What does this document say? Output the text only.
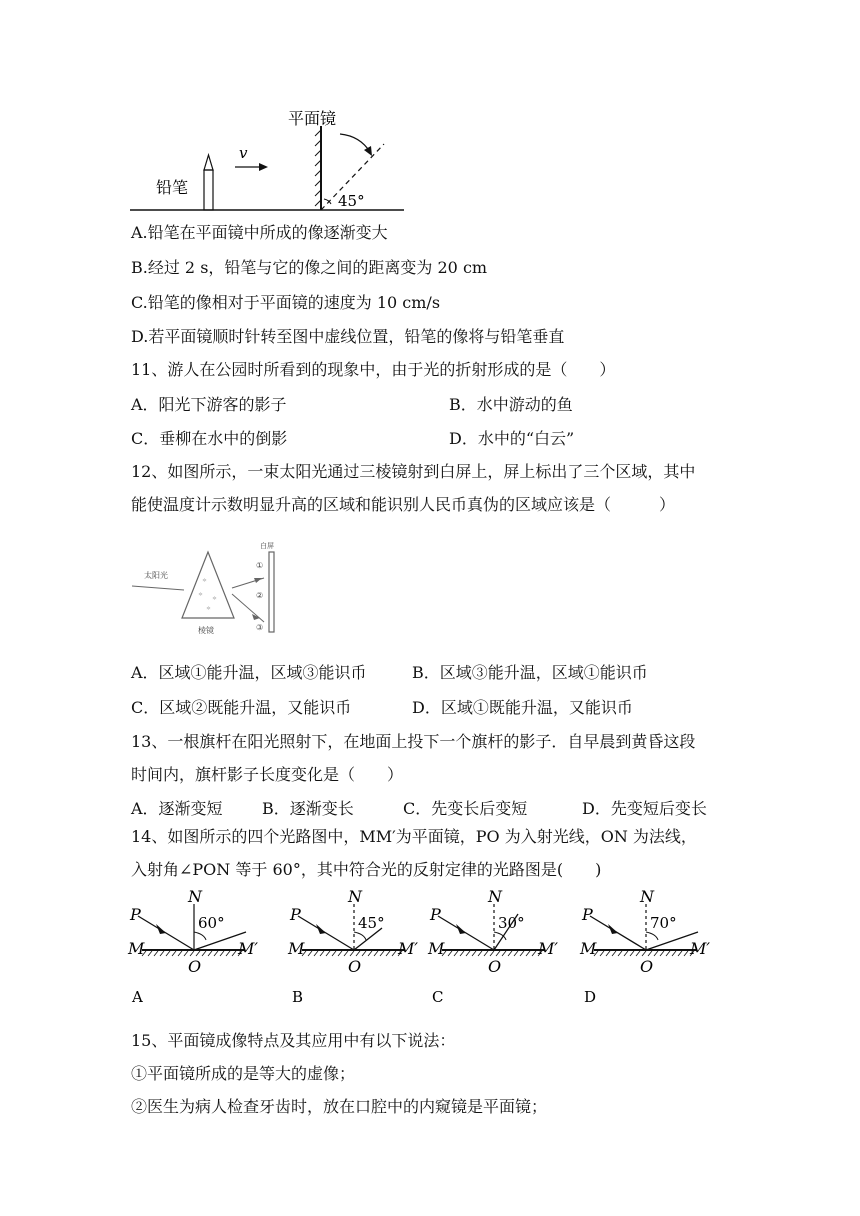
铅笔
v
平面镜
45°
A.铅笔在平面镜中所成的像逐渐变大
B.经过 2 s，铅笔与它的像之间的距离变为 20 cm
C.铅笔的像相对于平面镜的速度为 10 cm/s
D.若平面镜顺时针转至图中虚线位置，铅笔的像将与铅笔垂直
11、游人在公园时所看到的现象中，由于光的折射形成的是（　　）
A．阳光下游客的影子	B．水中游动的鱼
C．垂柳在水中的倒影	D．水中的“白云”
12、如图所示，一束太阳光通过三棱镜射到白屏上，屏上标出了三个区域，其中
能使温度计示数明显升高的区域和能识别人民币真伪的区域应该是（　　　）
太阳光
＊
＊
＊
＊
棱镜
白屏
①
②
③
A．区域①能升温，区域③能识币	B．区域③能升温，区域①能识币
C．区域②既能升温，又能识币	D．区域①既能升温，又能识币
13、一根旗杆在阳光照射下，在地面上投下一个旗杆的影子．自早晨到黄昏这段
时间内，旗杆影子长度变化是（　　）
A．逐渐变短 B．逐渐变长	C．先变长后变短	D．先变短后变长
14、如图所示的四个光路图中，MM′为平面镜，PO 为入射光线，ON 为法线，
入射角∠PON 等于 60°，其中符合光的反射定律的光路图是(　　)
P
N
60°
M	M′
O
A
P
N
45°
M	M′
O
B
P
N
30°
M	M′
O
C
P
N
70°
M	M′
O
D
15、平面镜成像特点及其应用中有以下说法：
①平面镜所成的是等大的虚像；
②医生为病人检查牙齿时，放在口腔中的内窥镜是平面镜；
